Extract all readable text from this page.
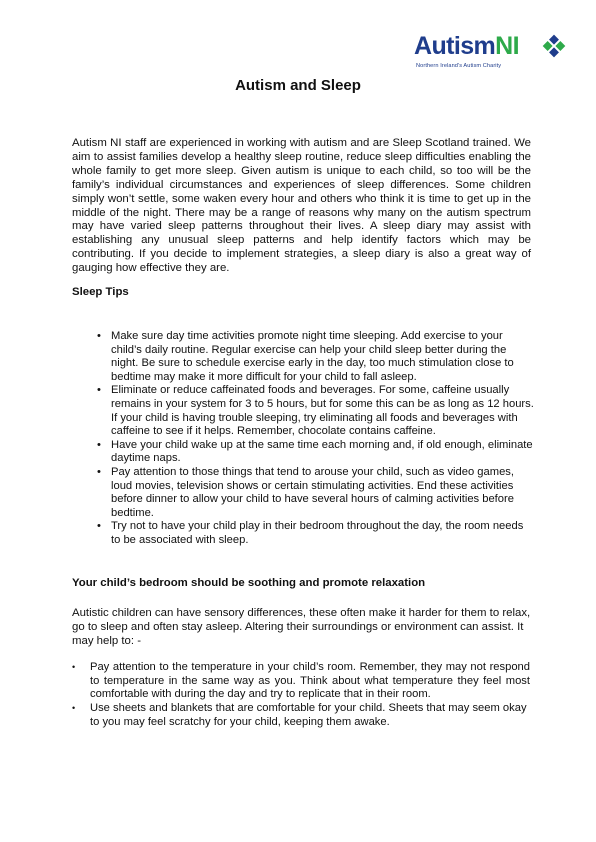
AutismNI
Northern Ireland's Autism Charity
Autism and Sleep
Autism NI staff are experienced in working with autism and are Sleep Scotland trained. We aim to assist families develop a healthy sleep routine, reduce sleep difficulties enabling the whole family to get more sleep. Given autism is unique to each child, so too will be the family’s individual circumstances and experiences of sleep differences. Some children simply won’t settle, some waken every hour and others who think it is time to get up in the middle of the night. There may be a range of reasons why many on the autism spectrum may have varied sleep patterns throughout their lives. A sleep diary may assist with establishing any unusual sleep patterns and help identify factors which may be contributing. If you decide to implement strategies, a sleep diary is also a great way of gauging how effective they are.
Sleep Tips
• Make sure day time activities promote night time sleeping. Add exercise to your child’s daily routine. Regular exercise can help your child sleep better during the night. Be sure to schedule exercise early in the day, too much stimulation close to bedtime may make it more difficult for your child to fall asleep.
• Eliminate or reduce caffeinated foods and beverages. For some, caffeine usually remains in your system for 3 to 5 hours, but for some this can be as long as 12 hours. If your child is having trouble sleeping, try eliminating all foods and beverages with caffeine to see if it helps. Remember, chocolate contains caffeine.
• Have your child wake up at the same time each morning and, if old enough, eliminate daytime naps.
• Pay attention to those things that tend to arouse your child, such as video games, loud movies, television shows or certain stimulating activities. End these activities before dinner to allow your child to have several hours of calming activities before bedtime.
• Try not to have your child play in their bedroom throughout the day, the room needs to be associated with sleep.
Your child’s bedroom should be soothing and promote relaxation
Autistic children can have sensory differences, these often make it harder for them to relax, go to sleep and often stay asleep. Altering their surroundings or environment can assist. It may help to: -
• Pay attention to the temperature in your child’s room. Remember, they may not respond to temperature in the same way as you. Think about what temperature they feel most comfortable with during the day and try to replicate that in their room.
• Use sheets and blankets that are comfortable for your child. Sheets that may seem okay to you may feel scratchy for your child, keeping them awake.
